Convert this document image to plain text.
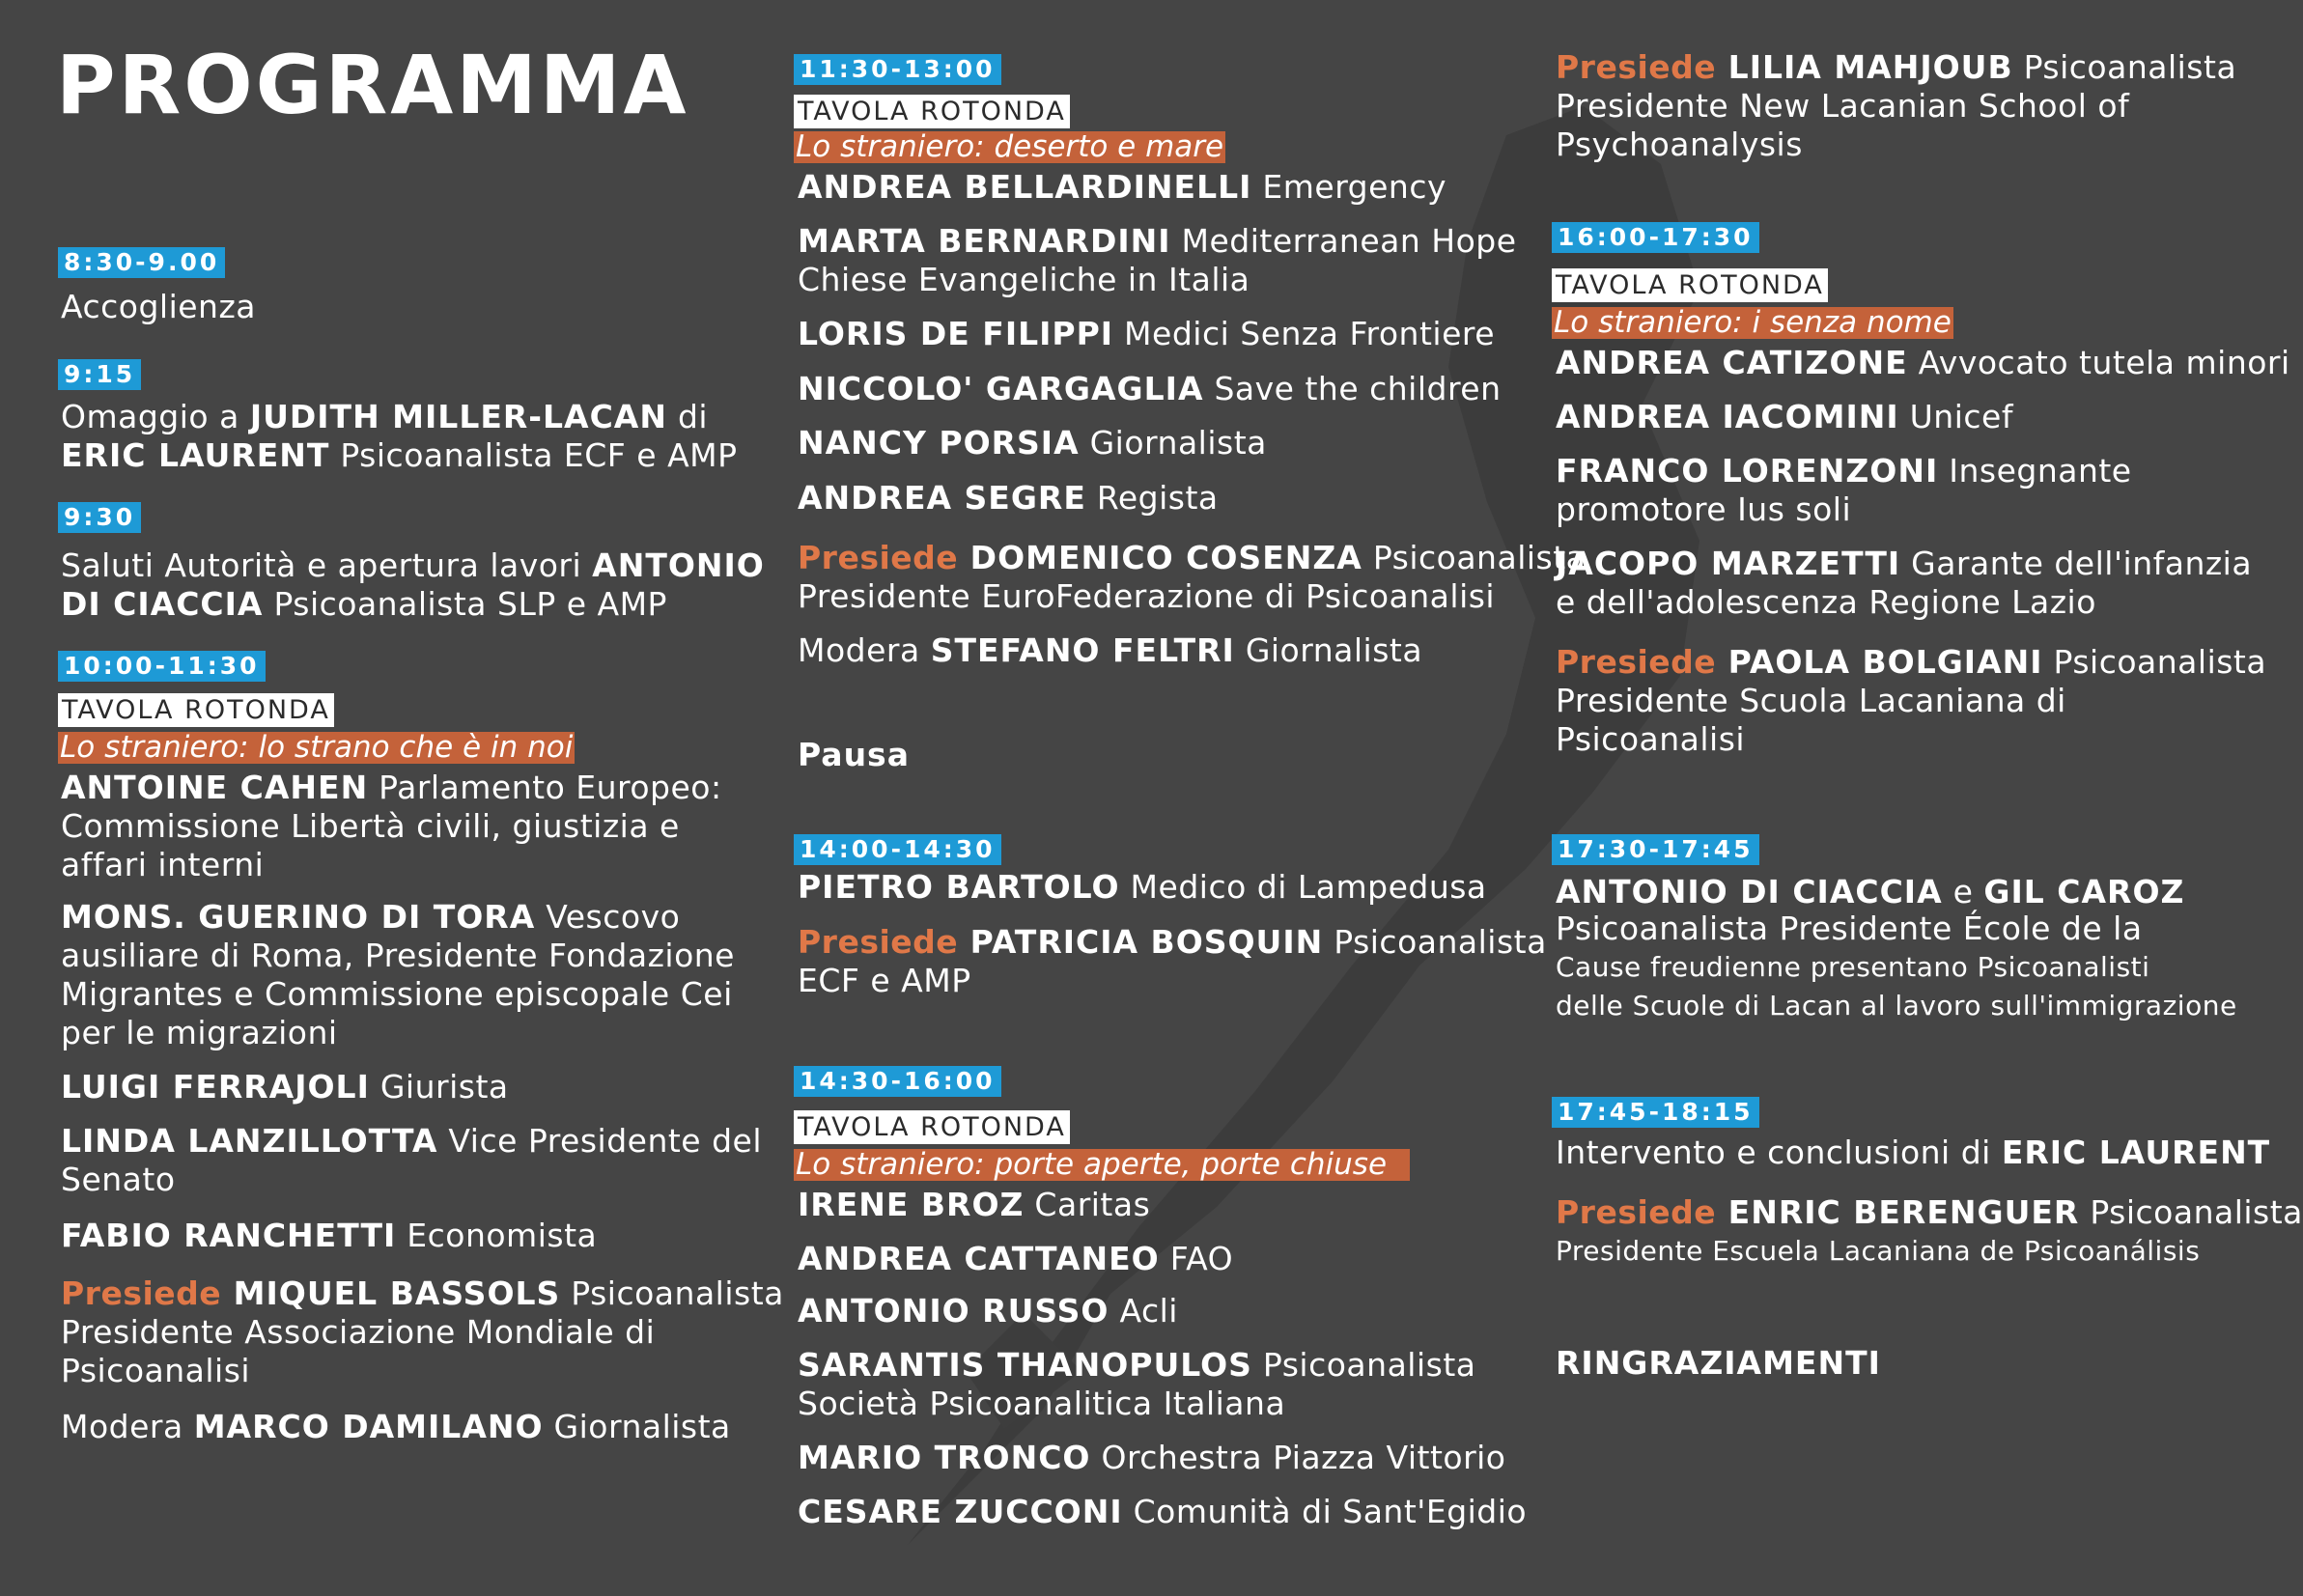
PROGRAMMA
8:30-9.00
Accoglienza
9:15
Omaggio a JUDITH MILLER-LACAN di
ERIC LAURENT Psicoanalista ECF e AMP
9:30
Saluti Autorità e apertura lavori ANTONIO
DI CIACCIA Psicoanalista SLP e AMP
10:00-11:30
TAVOLA ROTONDA
Lo straniero: lo strano che è in noi
ANTOINE CAHEN Parlamento Europeo:
Commissione Libertà civili, giustizia e
affari interni
MONS. GUERINO DI TORA Vescovo
ausiliare di Roma, Presidente Fondazione
Migrantes e Commissione episcopale Cei
per le migrazioni
LUIGI FERRAJOLI Giurista
LINDA LANZILLOTTA Vice Presidente del
Senato
FABIO RANCHETTI Economista
Presiede MIQUEL BASSOLS Psicoanalista
Presidente Associazione Mondiale di
Psicoanalisi
Modera MARCO DAMILANO Giornalista
11:30-13:00
TAVOLA ROTONDA
Lo straniero: deserto e mare
ANDREA BELLARDINELLI Emergency
MARTA BERNARDINI Mediterranean Hope
Chiese Evangeliche in Italia
LORIS DE FILIPPI Medici Senza Frontiere
NICCOLO' GARGAGLIA Save the children
NANCY PORSIA Giornalista
ANDREA SEGRE Regista
Presiede DOMENICO COSENZA Psicoanalista
Presidente EuroFederazione di Psicoanalisi
Modera STEFANO FELTRI Giornalista
Pausa
14:00-14:30
PIETRO BARTOLO Medico di Lampedusa
Presiede PATRICIA BOSQUIN Psicoanalista
ECF e AMP
14:30-16:00
TAVOLA ROTONDA
Lo straniero: porte aperte, porte chiuse
IRENE BROZ Caritas
ANDREA CATTANEO FAO
ANTONIO RUSSO Acli
SARANTIS THANOPULOS Psicoanalista
Società Psicoanalitica Italiana
MARIO TRONCO Orchestra Piazza Vittorio
CESARE ZUCCONI Comunità di Sant'Egidio
Presiede LILIA MAHJOUB Psicoanalista
Presidente New Lacanian School of
Psychoanalysis
16:00-17:30
TAVOLA ROTONDA
Lo straniero: i senza nome
ANDREA CATIZONE Avvocato tutela minori
ANDREA IACOMINI Unicef
FRANCO LORENZONI Insegnante
promotore Ius soli
JACOPO MARZETTI Garante dell'infanzia
e dell'adolescenza Regione Lazio
Presiede PAOLA BOLGIANI Psicoanalista
Presidente Scuola Lacaniana di
Psicoanalisi
17:30-17:45
ANTONIO DI CIACCIA e GIL CAROZ
Psicoanalista Presidente École de la
Cause freudienne presentano Psicoanalisti
delle Scuole di Lacan al lavoro sull'immigrazione
17:45-18:15
Intervento e conclusioni di ERIC LAURENT
Presiede ENRIC BERENGUER Psicoanalista
Presidente Escuela Lacaniana de Psicoanálisis
RINGRAZIAMENTI
